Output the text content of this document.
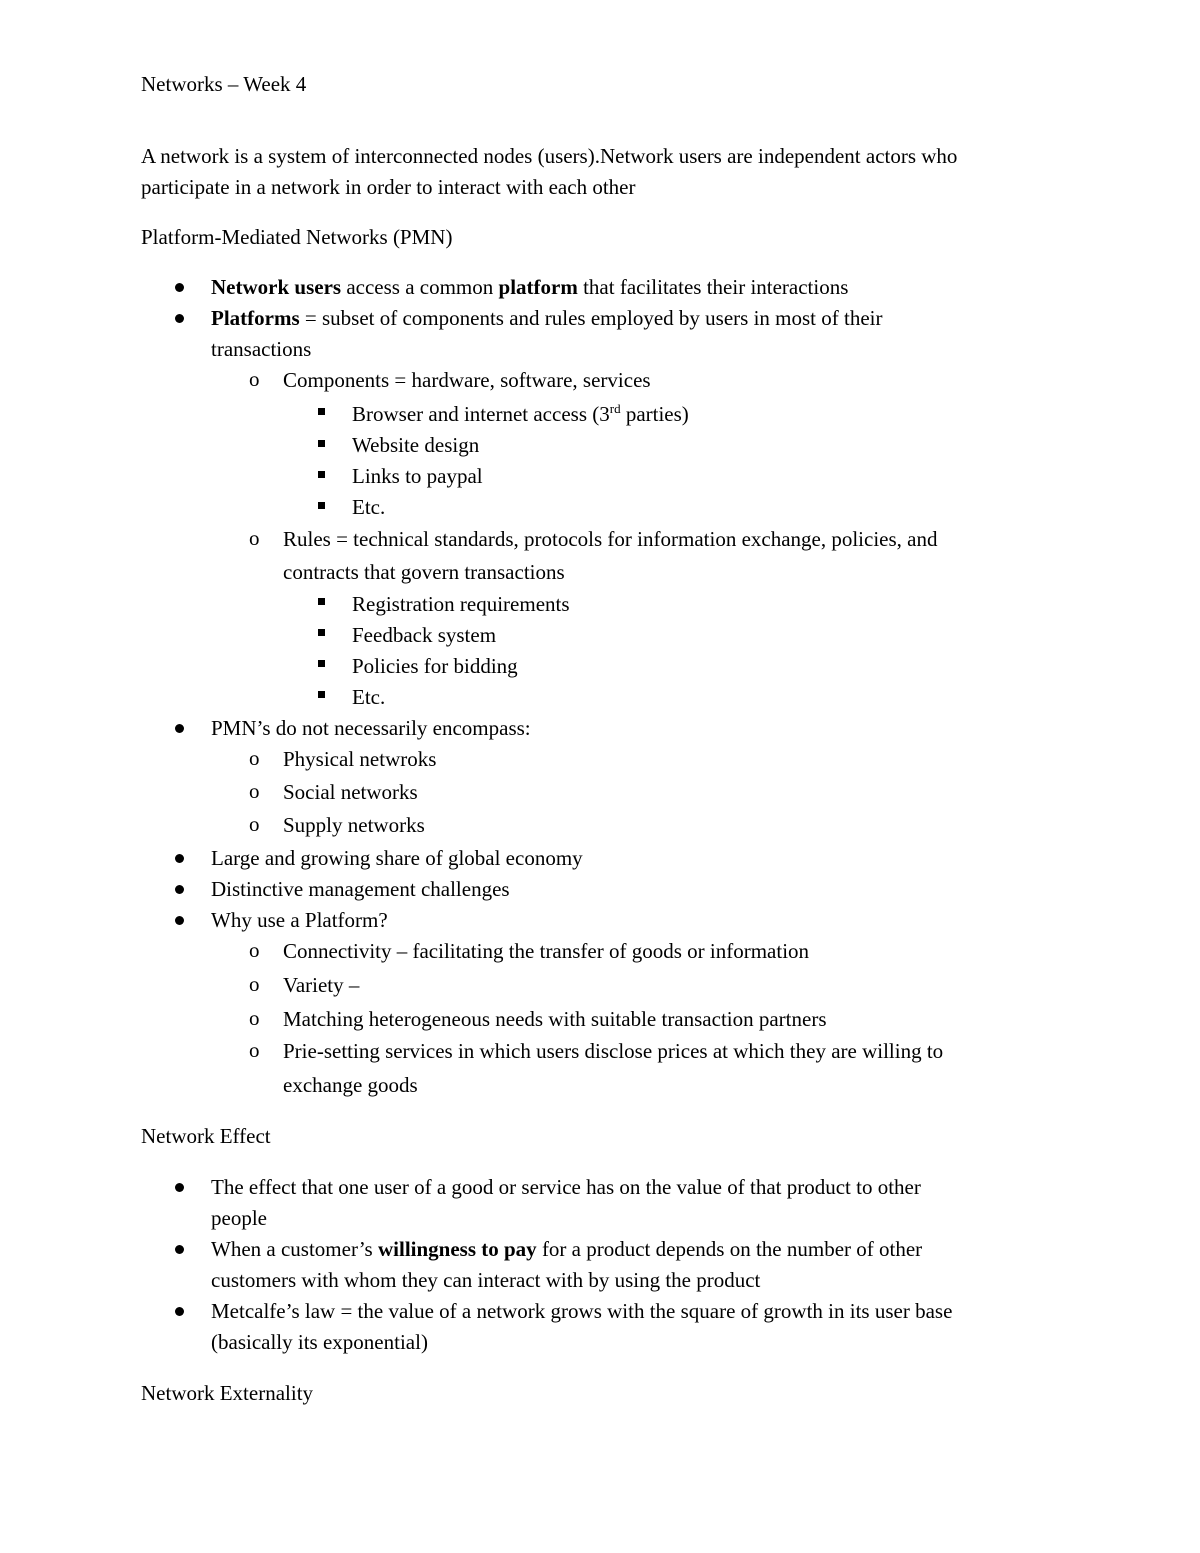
Networks – Week 4
A network is a system of interconnected nodes (users).Network users are independent actors who
participate in a network in order to interact with each other
Platform-Mediated Networks (PMN)
Network users access a common platform that facilitates their interactions
Platforms = subset of components and rules employed by users in most of their
transactions
o Components = hardware, software, services
Browser and internet access (3rd parties)
Website design
Links to paypal
Etc.
o Rules = technical standards, protocols for information exchange, policies, and
contracts that govern transactions
Registration requirements
Feedback system
Policies for bidding
Etc.
PMN’s do not necessarily encompass:
o Physical netwroks
o Social networks
o Supply networks
Large and growing share of global economy
Distinctive management challenges
Why use a Platform?
o Connectivity – facilitating the transfer of goods or information
o Variety –
o Matching heterogeneous needs with suitable transaction partners
o Prie-setting services in which users disclose prices at which they are willing to
exchange goods
Network Effect
The effect that one user of a good or service has on the value of that product to other
people
When a customer’s willingness to pay for a product depends on the number of other
customers with whom they can interact with by using the product
Metcalfe’s law = the value of a network grows with the square of growth in its user base
(basically its exponential)
Network Externality
